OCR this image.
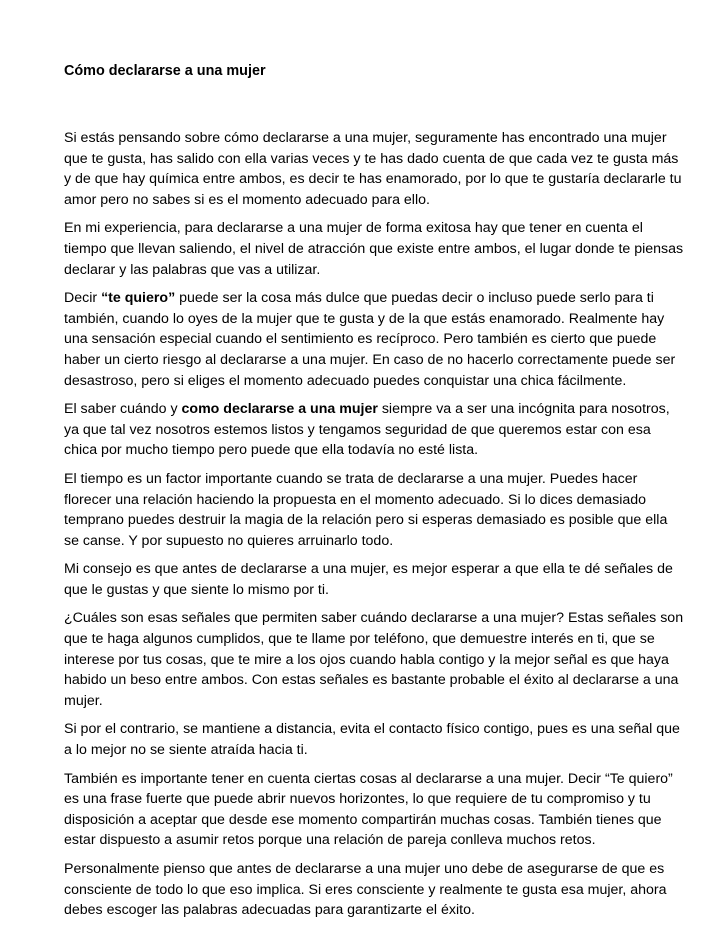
Cómo declararse a una mujer

Si estás pensando sobre cómo declararse a una mujer, seguramente has encontrado una mujer que te gusta, has salido con ella varias veces y te has dado cuenta de que cada vez te gusta más y de que hay química entre ambos, es decir te has enamorado, por lo que te gustaría declararle tu amor pero no sabes si es el momento adecuado para ello.

En mi experiencia, para declararse a una mujer de forma exitosa hay que tener en cuenta el tiempo que llevan saliendo, el nivel de atracción que existe entre ambos, el lugar donde te piensas declarar y las palabras que vas a utilizar.

Decir “te quiero” puede ser la cosa más dulce que puedas decir o incluso puede serlo para ti también, cuando lo oyes de la mujer que te gusta y de la que estás enamorado. Realmente hay una sensación especial cuando el sentimiento es recíproco. Pero también es cierto que puede haber un cierto riesgo al declararse a una mujer. En caso de no hacerlo correctamente puede ser desastroso, pero si eliges el momento adecuado puedes conquistar una chica fácilmente.

El saber cuándo y como declararse a una mujer siempre va a ser una incógnita para nosotros, ya que tal vez nosotros estemos listos y tengamos seguridad de que queremos estar con esa chica por mucho tiempo pero puede que ella todavía no esté lista.

El tiempo es un factor importante cuando se trata de declararse a una mujer. Puedes hacer florecer una relación haciendo la propuesta en el momento adecuado. Si lo dices demasiado temprano puedes destruir la magia de la relación pero si esperas demasiado es posible que ella se canse. Y por supuesto no quieres arruinarlo todo.

Mi consejo es que antes de declararse a una mujer, es mejor esperar a que ella te dé señales de que le gustas y que siente lo mismo por ti.

¿Cuáles son esas señales que permiten saber cuándo declararse a una mujer? Estas señales son que te haga algunos cumplidos, que te llame por teléfono, que demuestre interés en ti, que se interese por tus cosas, que te mire a los ojos cuando habla contigo y la mejor señal es que haya habido un beso entre ambos. Con estas señales es bastante probable el éxito al declararse a una mujer.

Si por el contrario, se mantiene a distancia, evita el contacto físico contigo, pues es una señal que a lo mejor no se siente atraída hacia ti.

También es importante tener en cuenta ciertas cosas al declararse a una mujer. Decir “Te quiero” es una frase fuerte que puede abrir nuevos horizontes, lo que requiere de tu compromiso y tu disposición a aceptar que desde ese momento compartirán muchas cosas. También tienes que estar dispuesto a asumir retos porque una relación de pareja conlleva muchos retos.

Personalmente pienso que antes de declararse a una mujer uno debe de asegurarse de que es consciente de todo lo que eso implica. Si eres consciente y realmente te gusta esa mujer, ahora debes escoger las palabras adecuadas para garantizarte el éxito.
